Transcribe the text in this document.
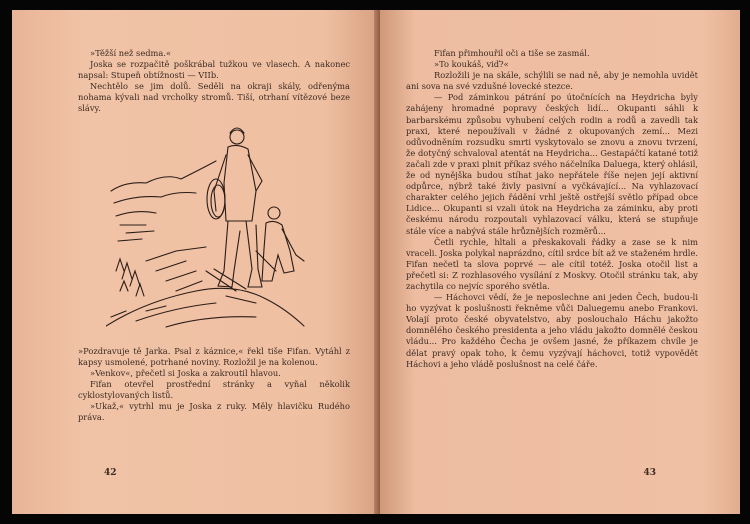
»Těžší než sedma.«

Joska se rozpačitě poškrábal tužkou ve vlasech. A nakonec napsal: Stupeň obtížnosti — VIIb.

Nechtělo se jim dolů. Seděli na okraji skály, odřenýma nohama kývali nad vrcholky stromů. Tiší, otrhaní vítězové beze slávy.

»Pozdravuje tě Jarka. Psal z káznice,« řekl tiše Fifan. Vytáhl z kapsy usmolené, potrhané noviny. Rozložil je na kolenou.

»Venkov«, přečetl si Joska a zakroutil hlavou.

Fifan otevřel prostřední stránky a vyňal několik cyklostylovaných listů.

»Ukaž,« vytrhl mu je Joska z ruky. Měly hlavičku Rudého práva.

42

Fifan přimhouřil oči a tiše se zasmál.

»To koukáš, viď?«

Rozložili je na skále, schýlili se nad ně, aby je nemohla uvidět ani sova na své vzdušné lovecké stezce.

— Pod záminkou pátrání po útočnících na Heydricha byly zahájeny hromadné popravy českých lidí... Okupanti sáhli k barbarskému způsobu vyhubení celých rodin a rodů a zavedli tak praxi, které nepoužívali v žádné z okupovaných zemí... Mezi odůvodněním rozsudku smrti vyskytovalo se znovu a znovu tvrzení, že dotyčný schvaloval atentát na Heydricha... Gestapáčtí katané totiž začali zde v praxi plnit příkaz svého náčelníka Daluega, který ohlásil, že od nynějška budou stíhat jako nepřátele říše nejen její aktivní odpůrce, nýbrž také živly pasivní a vyčkávající... Na vyhlazovací charakter celého jejich řádění vrhl ještě ostřejší světlo případ obce Lidice... Okupanti si vzali útok na Heydricha za záminku, aby proti českému národu rozpoutali vyhlazovací válku, která se stupňuje stále více a nabývá stále hrůznějších rozměrů...

Četli rychle, hltali a přeskakovali řádky a zase se k nim vraceli. Joska polykal naprázdno, cítil srdce bít až ve staženém hrdle. Fifan nečetl ta slova poprvé — ale cítil totéž. Joska otočil list a přečetl si: Z rozhlasového vysílání z Moskvy. Otočil stránku tak, aby zachytila co nejvíc sporého světla.

— Háchovci vědí, že je neposlechne ani jeden Čech, budou-li ho vyzývat k poslušnosti řekněme vůči Daluegemu anebo Frankovi. Volají proto české obyvatelstvo, aby poslouchalo Háchu jakožto domnělého českého presidenta a jeho vládu jakožto domnělé českou vládu... Pro každého Čecha je ovšem jasné, že příkazem chvíle je dělat pravý opak toho, k čemu vyzývají háchovci, totiž vypovědět Háchovi a jeho vládě poslušnost na celé čáře.

43
